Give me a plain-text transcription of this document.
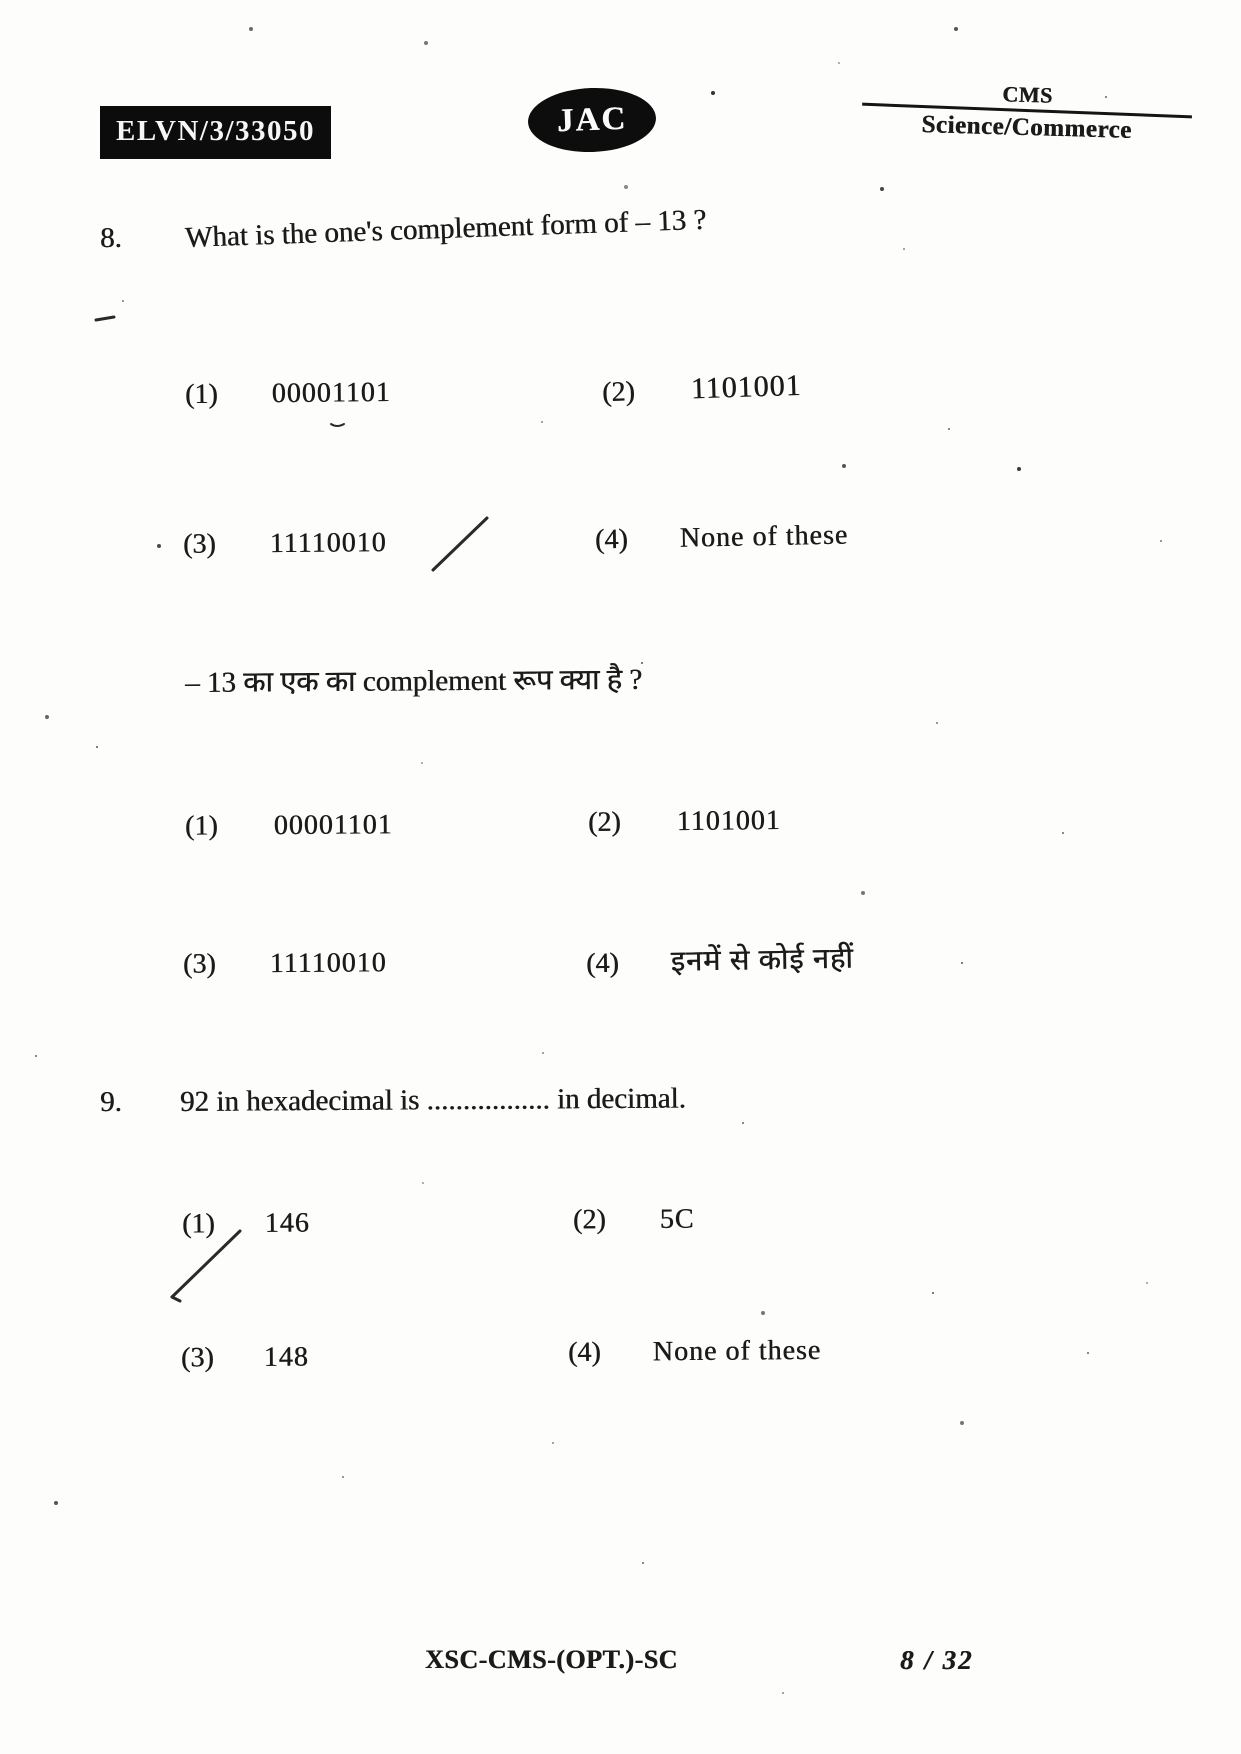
ELVN/3/33050	JAC
CMS
Science/Commerce
8. What is the one's complement form of – 13 ?
(1) 00001101	(2) 1101001
(3) 11110010	(4) None of these
– 13 का एक का complement रूप क्या है ?
(1) 00001101	(2) 1101001
(3) 11110010	(4) इनमें से कोई नहीं
9. 92 in hexadecimal is ................. in decimal.
(1) 146	(2) 5C
(3) 148	(4) None of these
XSC-CMS-(OPT.)-SC	8 / 32
